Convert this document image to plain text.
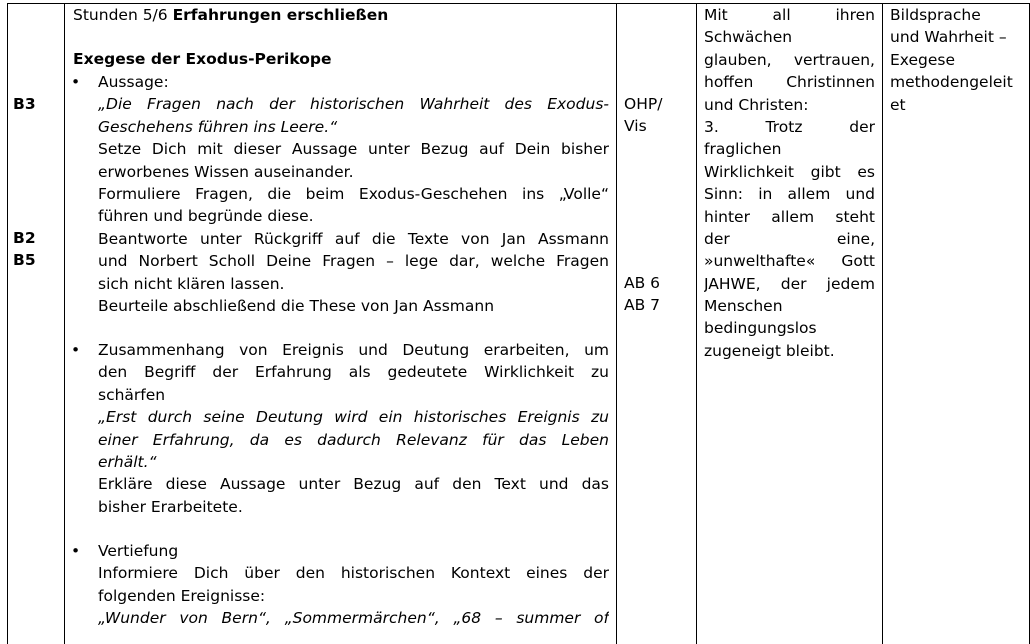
B3
B2
B5
Stunden 5/6 Erfahrungen erschließen
Exegese der Exodus-Perikope
• Aussage:
„Die Fragen nach der historischen Wahrheit des Exodus-
Geschehens führen ins Leere.“
Setze Dich mit dieser Aussage unter Bezug auf Dein bisher
erworbenes Wissen auseinander.
Formuliere Fragen, die beim Exodus-Geschehen ins „Volle“
führen und begründe diese.
Beantworte unter Rückgriff auf die Texte von Jan Assmann
und Norbert Scholl Deine Fragen – lege dar, welche Fragen
sich nicht klären lassen.
Beurteile abschließend die These von Jan Assmann
• Zusammenhang von Ereignis und Deutung erarbeiten, um
den Begriff der Erfahrung als gedeutete Wirklichkeit zu
schärfen
„Erst durch seine Deutung wird ein historisches Ereignis zu
einer Erfahrung, da es dadurch Relevanz für das Leben
erhält.“
Erkläre diese Aussage unter Bezug auf den Text und das
bisher Erarbeitete.
• Vertiefung
Informiere Dich über den historischen Kontext eines der
folgenden Ereignisse:
„Wunder von Bern“, „Sommermärchen“, „68 – summer of
OHP/
Vis
AB 6
AB 7
Mit all ihren
Schwächen
glauben, vertrauen,
hoffen Christinnen
und Christen:
3. Trotz der
fraglichen
Wirklichkeit gibt es
Sinn: in allem und
hinter allem steht
der eine,
»unwelthafte« Gott
JAHWE, der jedem
Menschen
bedingungslos
zugeneigt bleibt.
Bildsprache
und Wahrheit –
Exegese
methodengeleit
et
